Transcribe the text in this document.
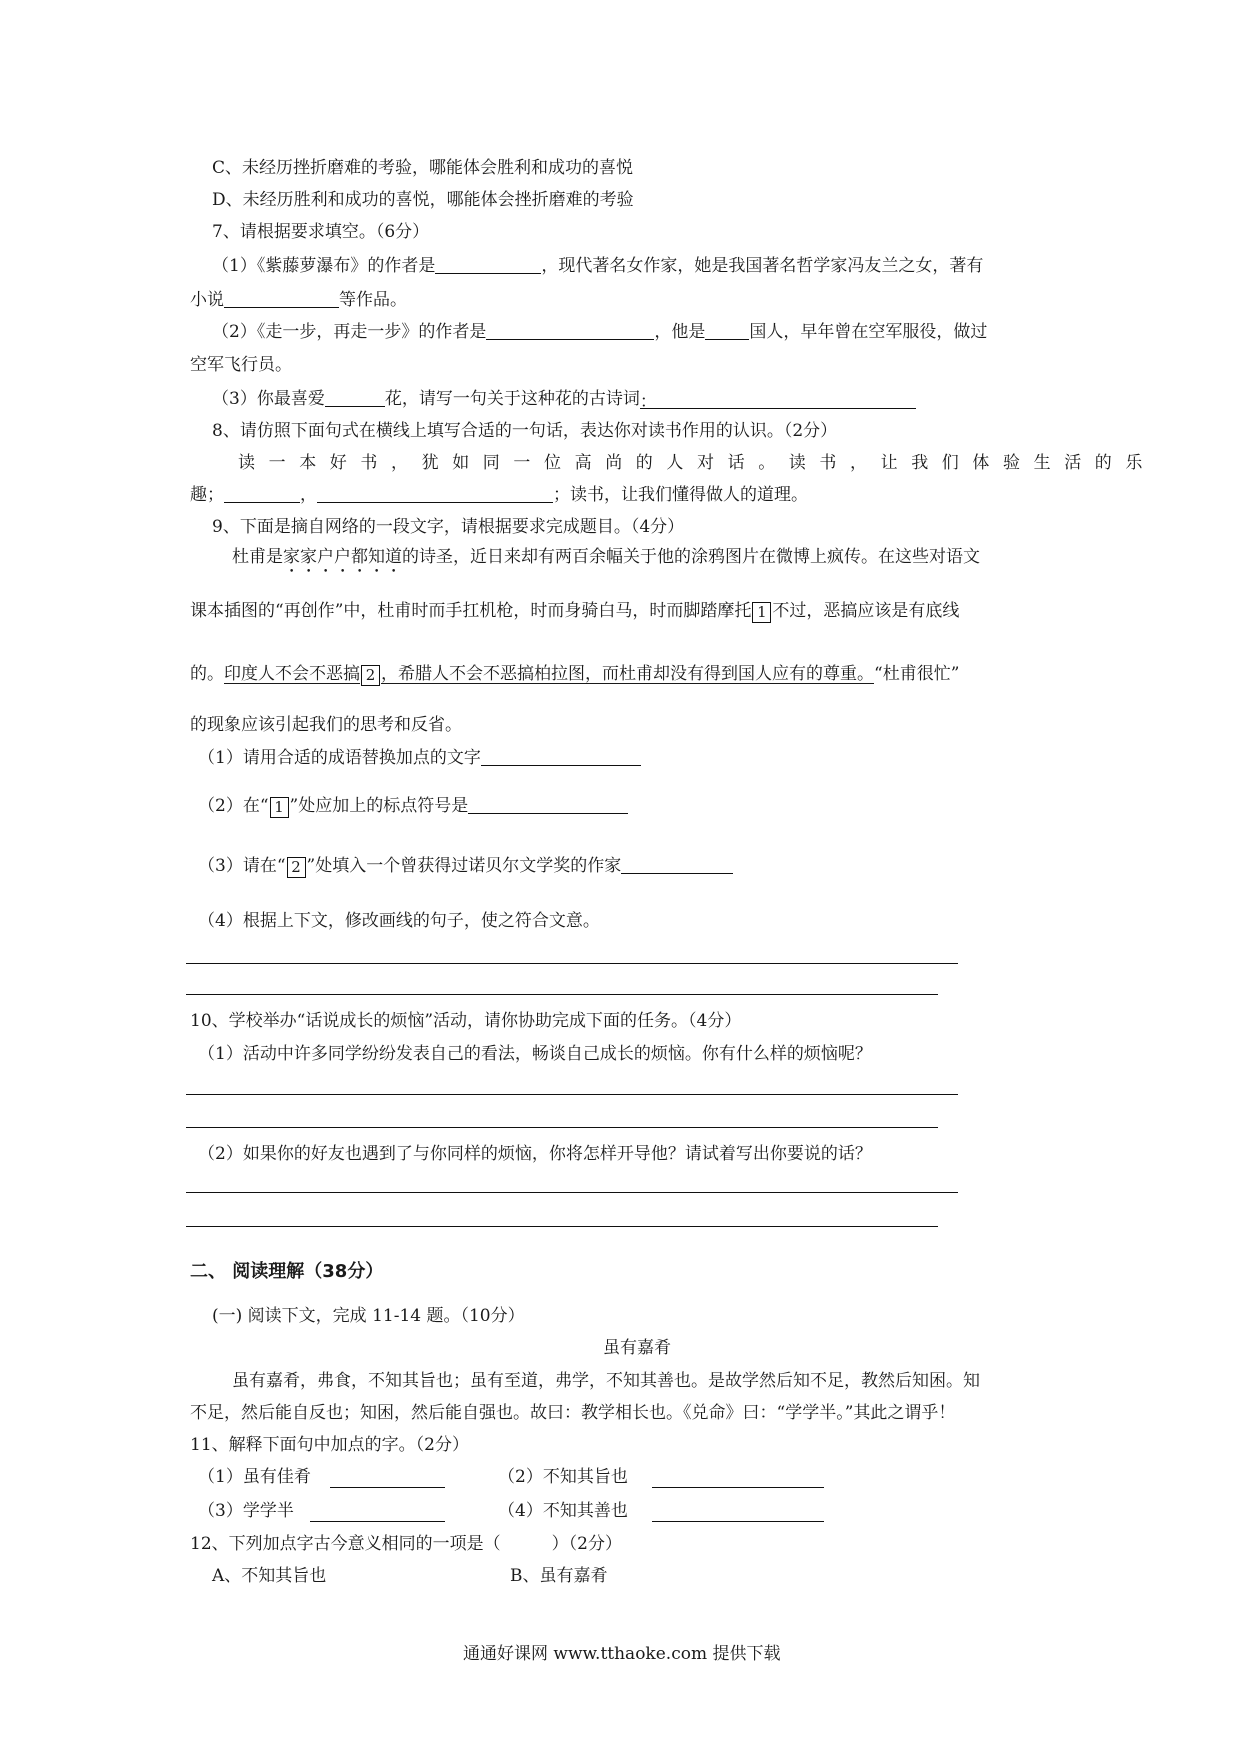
C、未经历挫折磨难的考验，哪能体会胜利和成功的喜悦
D、未经历胜利和成功的喜悦，哪能体会挫折磨难的考验
7、请根据要求填空。（6分）
（1）《紫藤萝瀑布》的作者是	，现代著名女作家，她是我国著名哲学家冯友兰之女，著有
小说	等作品。
（2）《走一步，再走一步》的作者是	，他是	国人，早年曾在空军服役，做过
空军飞行员。
（3）你最喜爱	花，请写一句关于这种花的古诗词：
8、请仿照下面句式在横线上填写合适的一句话，表达你对读书作用的认识。（2分）
读一本好书，犹如同一位高尚的人对话。读书，让我们体验生活的乐
趣；	，	；读书，让我们懂得做人的道理。
9、下面是摘自网络的一段文字，请根据要求完成题目。（4分）
杜甫是家家户户都知道的诗圣，近日来却有两百余幅关于他的涂鸦图片在微博上疯传。在这些对语文
课本插图的“再创作”中，杜甫时而手扛机枪，时而身骑白马，时而脚踏摩托 1 不过，恶搞应该是有底线
的。印度人不会不恶搞 2 ，希腊人不会不恶搞柏拉图，而杜甫却没有得到国人应有的尊重。“杜甫很忙”
的现象应该引起我们的思考和反省。
（1）请用合适的成语替换加点的文字
（2）在“ 1 ”处应加上的标点符号是
（3）请在“ 2 ”处填入一个曾获得过诺贝尔文学奖的作家
（4）根据上下文，修改画线的句子，使之符合文意。
10、学校举办“话说成长的烦恼”活动，请你协助完成下面的任务。（4分）
（1）活动中许多同学纷纷发表自己的看法，畅谈自己成长的烦恼。你有什么样的烦恼呢？
（2）如果你的好友也遇到了与你同样的烦恼，你将怎样开导他？请试着写出你要说的话？
二、 阅读理解（38分）
(一) 阅读下文，完成 11-14 题。（10分）
虽有嘉肴
虽有嘉肴，弗食，不知其旨也；虽有至道，弗学，不知其善也。是故学然后知不足，教然后知困。知
不足，然后能自反也；知困，然后能自强也。故曰：教学相长也。《兑命》曰：“学学半。”其此之谓乎！
11、解释下面句中加点的字。（2分）
（1）虽有佳肴	（2）不知其旨也
（3）学学半	（4）不知其善也
12、下列加点字古今意义相同的一项是（　　　）（2分）
A、不知其旨也	B、虽有嘉肴
通通好课网 www.tthaoke.com 提供下载
